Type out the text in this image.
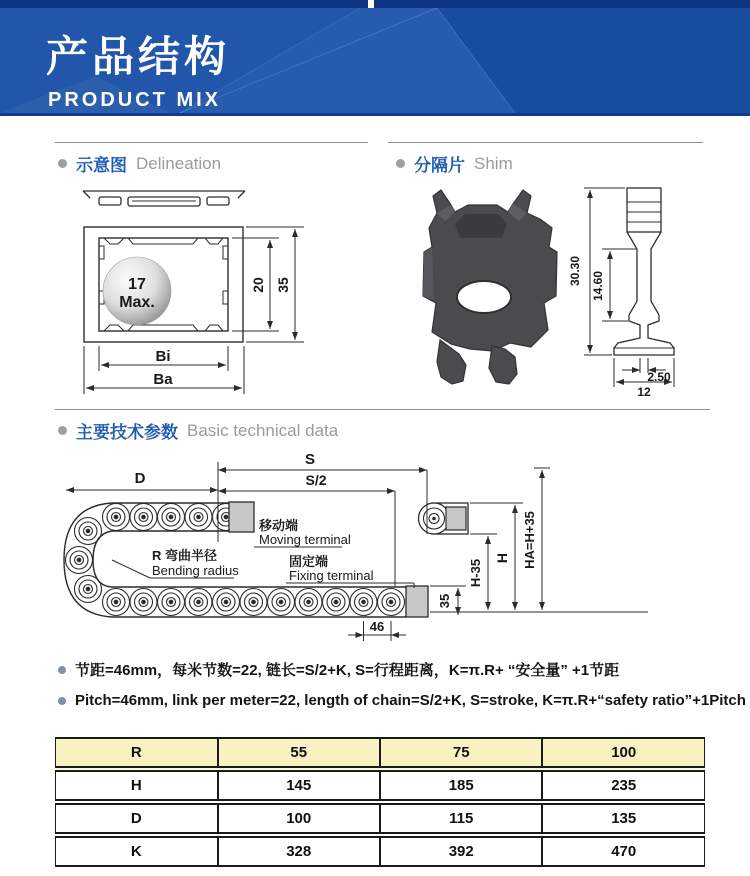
产品结构
PRODUCT MIX
示意图 Delineation	分隔片 Shim
17
Max.
20 35
Bi
Ba
30.30 14.60
2.50
12
主要技术参数 Basic technical data
S
S/2
D
R 弯曲半径
Bending radius
移动端
Moving terminal
固定端
Fixing terminal
35
H-35
H HA=H+35
46
节距=46mm，每米节数=22, 链长=S/2+K, S=行程距离，K=π.R+ “安全量” +1节距
Pitch=46mm, link per meter=22, length of chain=S/2+K, S=stroke, K=π.R+“safety ratio”+1Pitch
R	55	75	100
H	145	185	235
D	100	115	135
K	328	392	470
